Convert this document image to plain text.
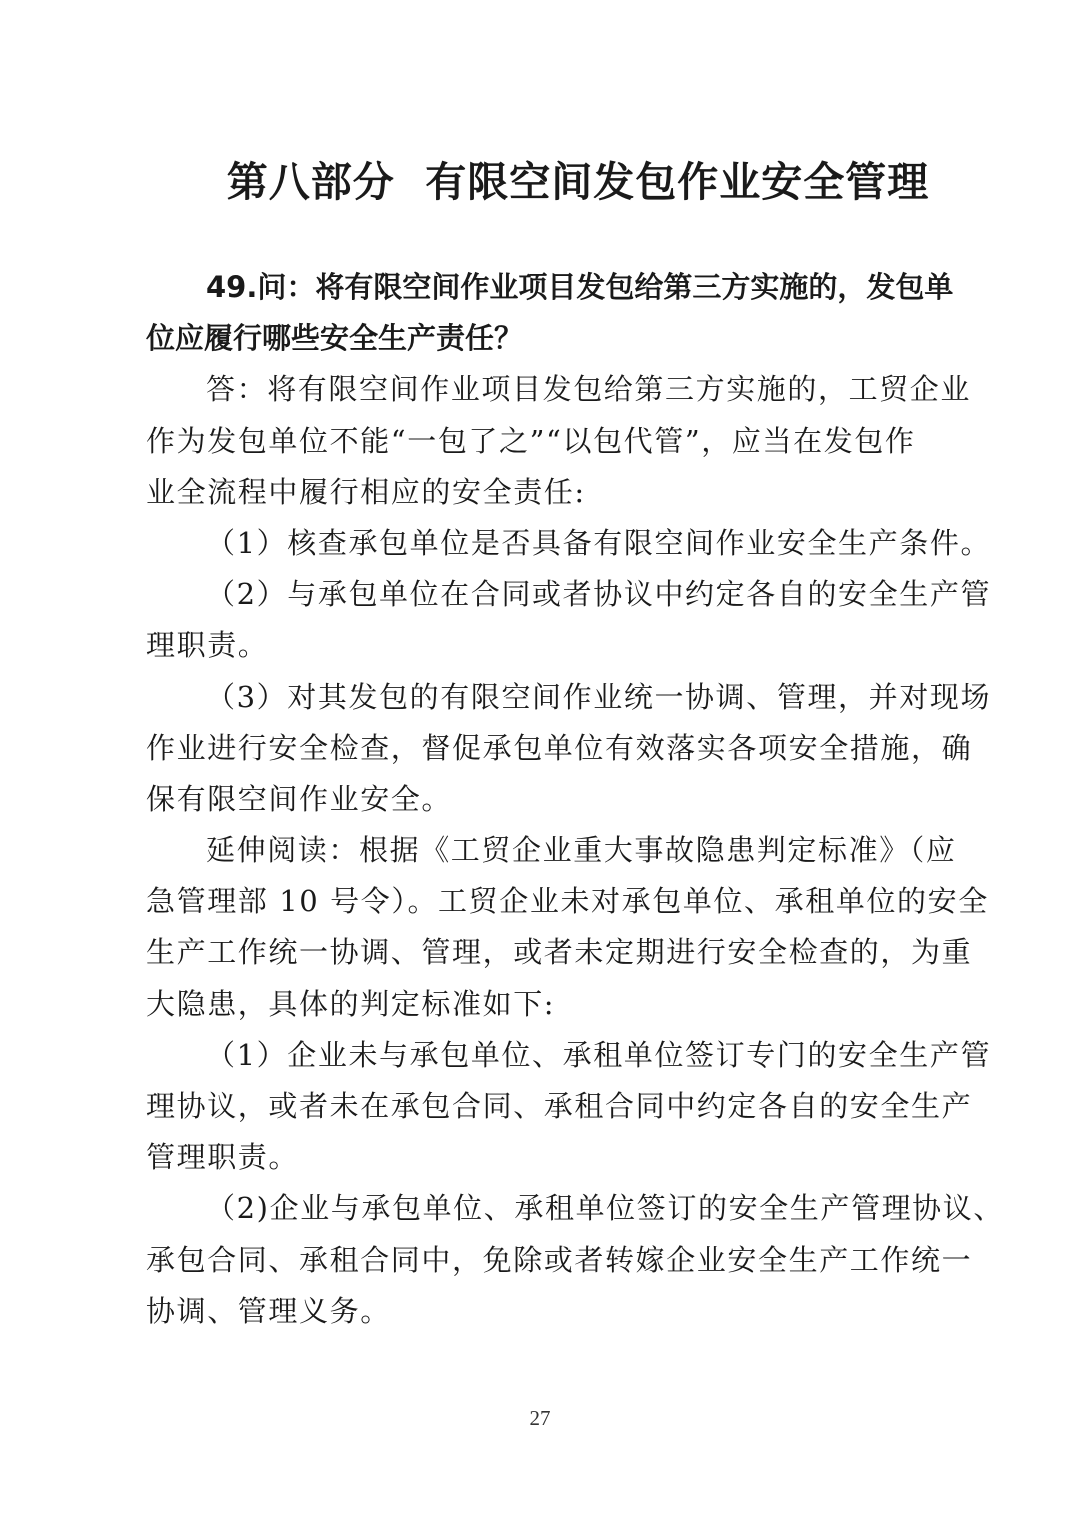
第八部分  有限空间发包作业安全管理
49.问：将有限空间作业项目发包给第三方实施的，发包单
位应履行哪些安全生产责任？
答：将有限空间作业项目发包给第三方实施的，工贸企业
作为发包单位不能“一包了之”“以包代管”，应当在发包作
业全流程中履行相应的安全责任:
（1）核查承包单位是否具备有限空间作业安全生产条件。
（2）与承包单位在合同或者协议中约定各自的安全生产管
理职责。
（3）对其发包的有限空间作业统一协调、管理，并对现场
作业进行安全检查，督促承包单位有效落实各项安全措施，确
保有限空间作业安全。
延伸阅读：根据《工贸企业重大事故隐患判定标准》（应
急管理部 10 号令）。工贸企业未对承包单位、承租单位的安全
生产工作统一协调、管理，或者未定期进行安全检查的，为重
大隐患，具体的判定标准如下:
（1）企业未与承包单位、承租单位签订专门的安全生产管
理协议，或者未在承包合同、承租合同中约定各自的安全生产
管理职责。
（2)企业与承包单位、承租单位签订的安全生产管理协议、
承包合同、承租合同中，免除或者转嫁企业安全生产工作统一
协调、管理义务。
27
